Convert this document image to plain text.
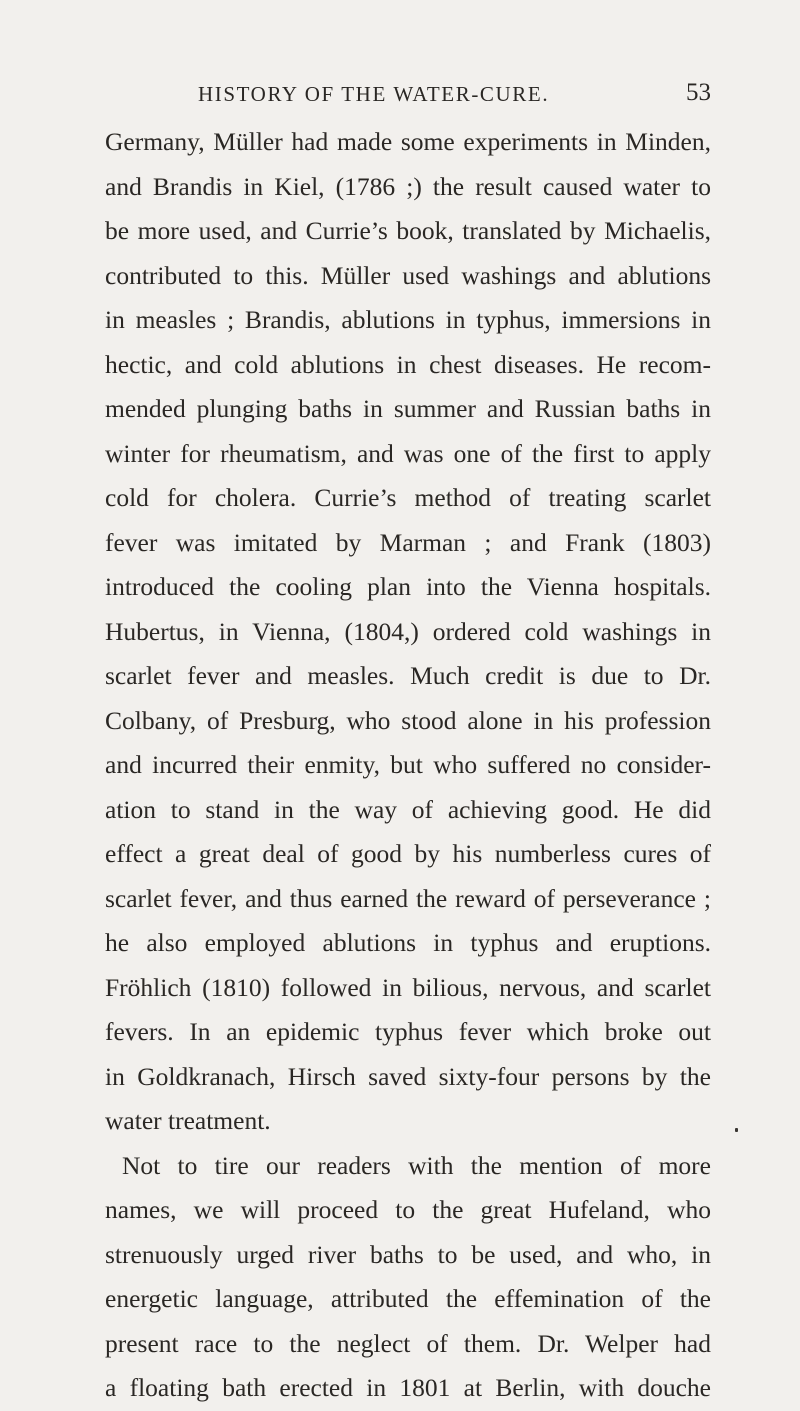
HISTORY OF THE WATER-CURE.	53
Germany, Müller had made some experiments in Minden,
and Brandis in Kiel, (1786 ;) the result caused water to
be more used, and Currie’s book, translated by Michaelis,
contributed to this. Müller used washings and ablutions
in measles ; Brandis, ablutions in typhus, immersions in
hectic, and cold ablutions in chest diseases. He recom-
mended plunging baths in summer and Russian baths in
winter for rheumatism, and was one of the first to apply
cold for cholera. Currie’s method of treating scarlet
fever was imitated by Marman ; and Frank (1803)
introduced the cooling plan into the Vienna hospitals.
Hubertus, in Vienna, (1804,) ordered cold washings in
scarlet fever and measles. Much credit is due to Dr.
Colbany, of Presburg, who stood alone in his profession
and incurred their enmity, but who suffered no consider-
ation to stand in the way of achieving good. He did
effect a great deal of good by his numberless cures of
scarlet fever, and thus earned the reward of perseverance ;
he also employed ablutions in typhus and eruptions.
Fröhlich (1810) followed in bilious, nervous, and scarlet
fevers. In an epidemic typhus fever which broke out
in Goldkranach, Hirsch saved sixty-four persons by the
water treatment.
Not to tire our readers with the mention of more
names, we will proceed to the great Hufeland, who
strenuously urged river baths to be used, and who, in
energetic language, attributed the effemination of the
present race to the neglect of them. Dr. Welper had
a floating bath erected in 1801 at Berlin, with douche
